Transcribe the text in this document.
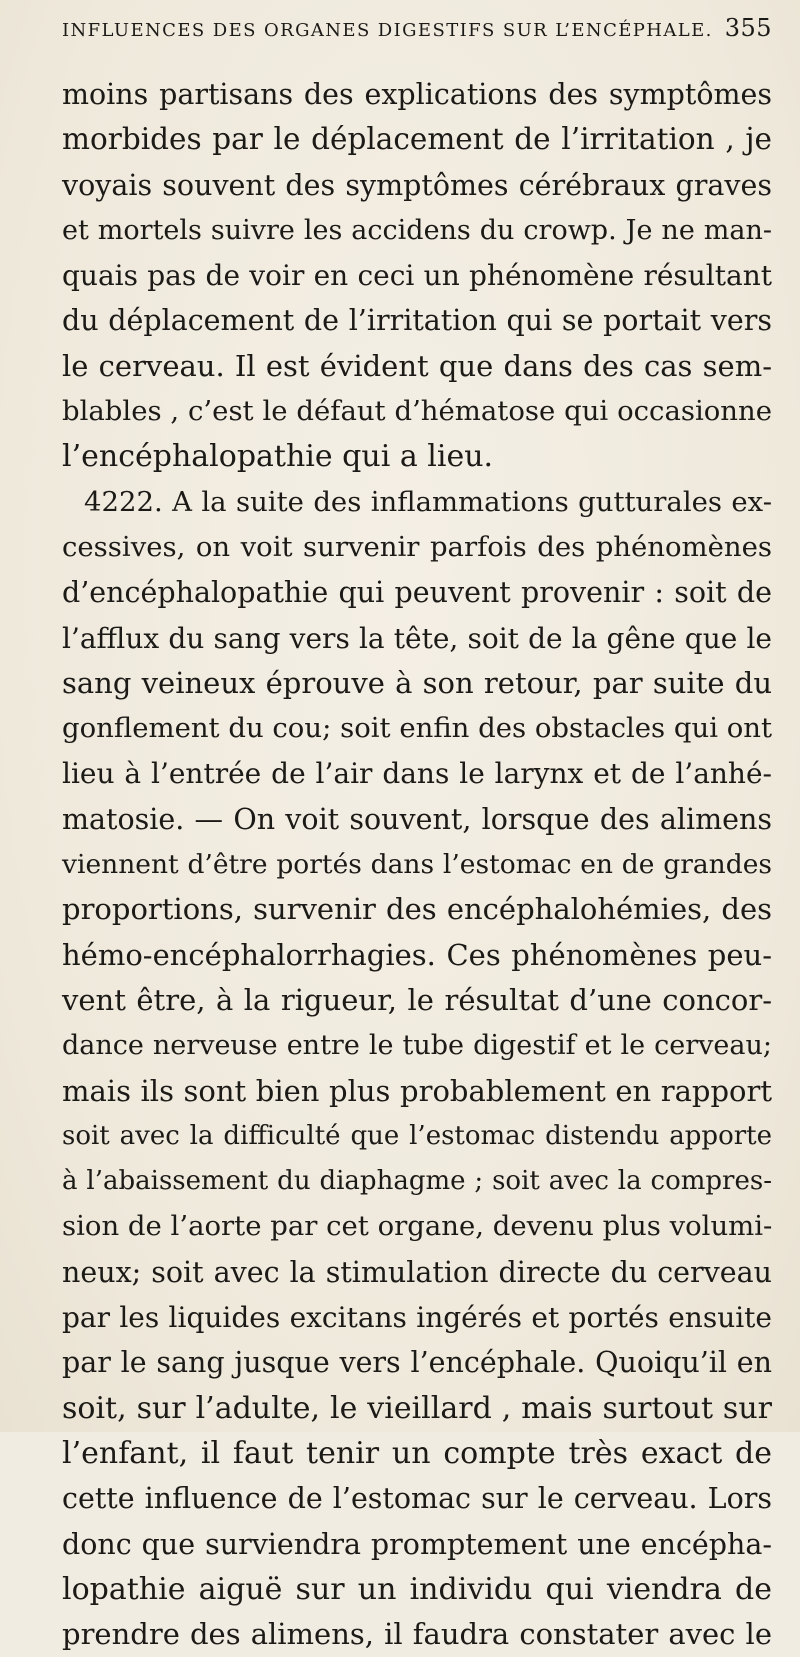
INFLUENCES DES ORGANES DIGESTIFS SUR L’ENCÉPHALE. 355
moins partisans des explications des symptômes
morbides par le déplacement de l’irritation , je
voyais souvent des symptômes cérébraux graves
et mortels suivre les accidens du crowp. Je ne man-
quais pas de voir en ceci un phénomène résultant
du déplacement de l’irritation qui se portait vers
le cerveau. Il est évident que dans des cas sem-
blables , c’est le défaut d’hématose qui occasionne
l’encéphalopathie qui a lieu.
4222. A la suite des inflammations gutturales ex-
cessives, on voit survenir parfois des phénomènes
d’encéphalopathie qui peuvent provenir : soit de
l’afflux du sang vers la tête, soit de la gêne que le
sang veineux éprouve à son retour, par suite du
gonflement du cou; soit enfin des obstacles qui ont
lieu à l’entrée de l’air dans le larynx et de l’anhé-
matosie. — On voit souvent, lorsque des alimens
viennent d’être portés dans l’estomac en de grandes
proportions, survenir des encéphalohémies, des
hémo-encéphalorrhagies. Ces phénomènes peu-
vent être, à la rigueur, le résultat d’une concor-
dance nerveuse entre le tube digestif et le cerveau;
mais ils sont bien plus probablement en rapport
soit avec la difficulté que l’estomac distendu apporte
à l’abaissement du diaphagme ; soit avec la compres-
sion de l’aorte par cet organe, devenu plus volumi-
neux; soit avec la stimulation directe du cerveau
par les liquides excitans ingérés et portés ensuite
par le sang jusque vers l’encéphale. Quoiqu’il en
soit, sur l’adulte, le vieillard , mais surtout sur
l’enfant, il faut tenir un compte très exact de
cette influence de l’estomac sur le cerveau. Lors
donc que surviendra promptement une encépha-
lopathie aiguë sur un individu qui viendra de
prendre des alimens, il faudra constater avec le
